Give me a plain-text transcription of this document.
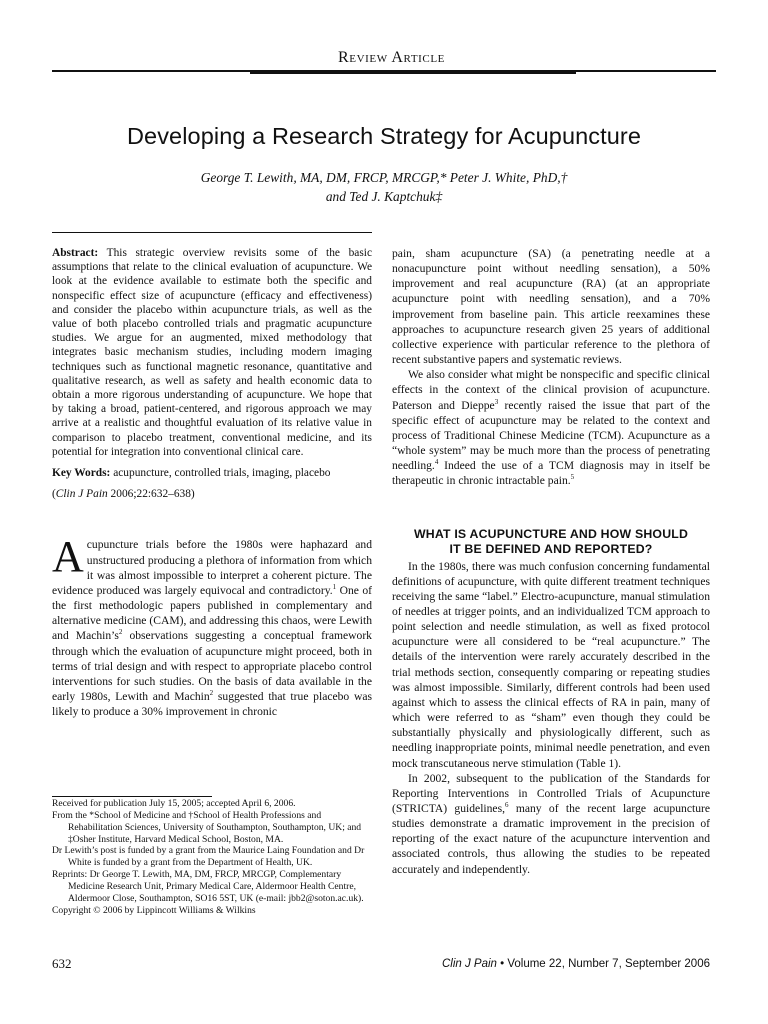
Review Article
Developing a Research Strategy for Acupuncture
George T. Lewith, MA, DM, FRCP, MRCGP,* Peter J. White, PhD,†
and Ted J. Kaptchuk‡

Abstract: This strategic overview revisits some of the basic assumptions that relate to the clinical evaluation of acupuncture. We look at the evidence available to estimate both the specific and nonspecific effect size of acupuncture (efficacy and effectiveness) and consider the placebo within acupuncture trials, as well as the value of both placebo controlled trials and pragmatic acupuncture studies. We argue for an augmented, mixed methodology that integrates basic mechanism studies, including modern imaging techniques such as functional magnetic resonance, quantitative and qualitative research, as well as safety and health economic data to obtain a more rigorous understanding of acupuncture. We hope that by taking a broad, patient-centered, and rigorous approach we may arrive at a realistic and thoughtful evaluation of its relative value in comparison to placebo treatment, conventional medicine, and its potential for integration into conventional clinical care.

Key Words: acupuncture, controlled trials, imaging, placebo

(Clin J Pain 2006;22:632–638)

Acupuncture trials before the 1980s were haphazard and unstructured producing a plethora of information from which it was almost impossible to interpret a coherent picture. The evidence produced was largely equivocal and contradictory.$^1$ One of the first methodologic papers published in complementary and alternative medicine (CAM), and addressing this chaos, were Lewith and $Machin’s^2$ observations suggesting a conceptual framework through which the evaluation of acupuncture might proceed, both in terms of trial design and with respect to appropriate placebo control interventions for such studies. On the basis of data available in the early 1980s, Lewith and Machin$^2$ suggested that true placebo was likely to produce a 30% improvement in chronic

Received for publication July 15, 2005; accepted April 6, 2006.

From the *School of Medicine and †School of Health Professions and Rehabilitation Sciences, University of Southampton, Southampton, UK; and ‡Osher Institute, Harvard Medical School, Boston, MA.

Dr Lewith’s post is funded by a grant from the Maurice Laing Foundation and Dr White is funded by a grant from the Department of Health, UK.

Reprints: Dr George T. Lewith, MA, DM, FRCP, MRCGP, Complementary Medicine Research Unit, Primary Medical Care, Aldermoor Health Centre, Aldermoor Close, Southampton, SO16 5ST, UK (e-mail: jbb2@soton.ac.uk).

Copyright © 2006 by Lippincott Williams & Wilkins

pain, sham acupuncture (SA) (a penetrating needle at a nonacupuncture point without needling sensation), a 50% improvement and real acupuncture (RA) (at an appropriate acupuncture point with needling sensation), and a 70% improvement from baseline pain. This article reexamines these approaches to acupuncture research given 25 years of additional collective experience with particular reference to the plethora of recent substantive papers and systematic reviews.

We also consider what might be nonspecific and specific clinical effects in the context of the clinical provision of acupuncture. Paterson and Dieppe$^3$ recently raised the issue that part of the specific effect of acupuncture may be related to the context and process of Traditional Chinese Medicine (TCM). Acupuncture as a “whole system” may be much more than the process of penetrating needling.$^4$ Indeed the use of a TCM diagnosis may in itself be therapeutic in chronic intractable pain.$^5$

WHAT IS ACUPUNCTURE AND HOW SHOULD
IT BE DEFINED AND REPORTED?

In the 1980s, there was much confusion concerning fundamental definitions of acupuncture, with quite different treatment techniques receiving the same “label.” Electro-acupuncture, manual stimulation of needles at trigger points, and an individualized TCM approach to point selection and needle stimulation, as well as fixed protocol acupuncture were all considered to be “real acupuncture.” The details of the intervention were rarely accurately described in the trial methods section, consequently comparing or repeating studies was almost impossible. Similarly, different controls had been used against which to assess the clinical effects of RA in pain, many of which were referred to as “sham” even though they could be substantially physically and physiologically different, such as needling inappropriate points, minimal needle penetration, and even mock transcutaneous nerve stimulation (Table 1).

In 2002, subsequent to the publication of the Standards for Reporting Interventions in Controlled Trials of Acupuncture (STRICTA) guidelines,$^6$ many of the recent large acupuncture studies demonstrate a dramatic improvement in the precision of reporting of the exact nature of the acupuncture intervention and associated controls, thus allowing the studies to be repeated accurately and independently.

632	Clin J Pain • Volume 22, Number 7, September 2006
